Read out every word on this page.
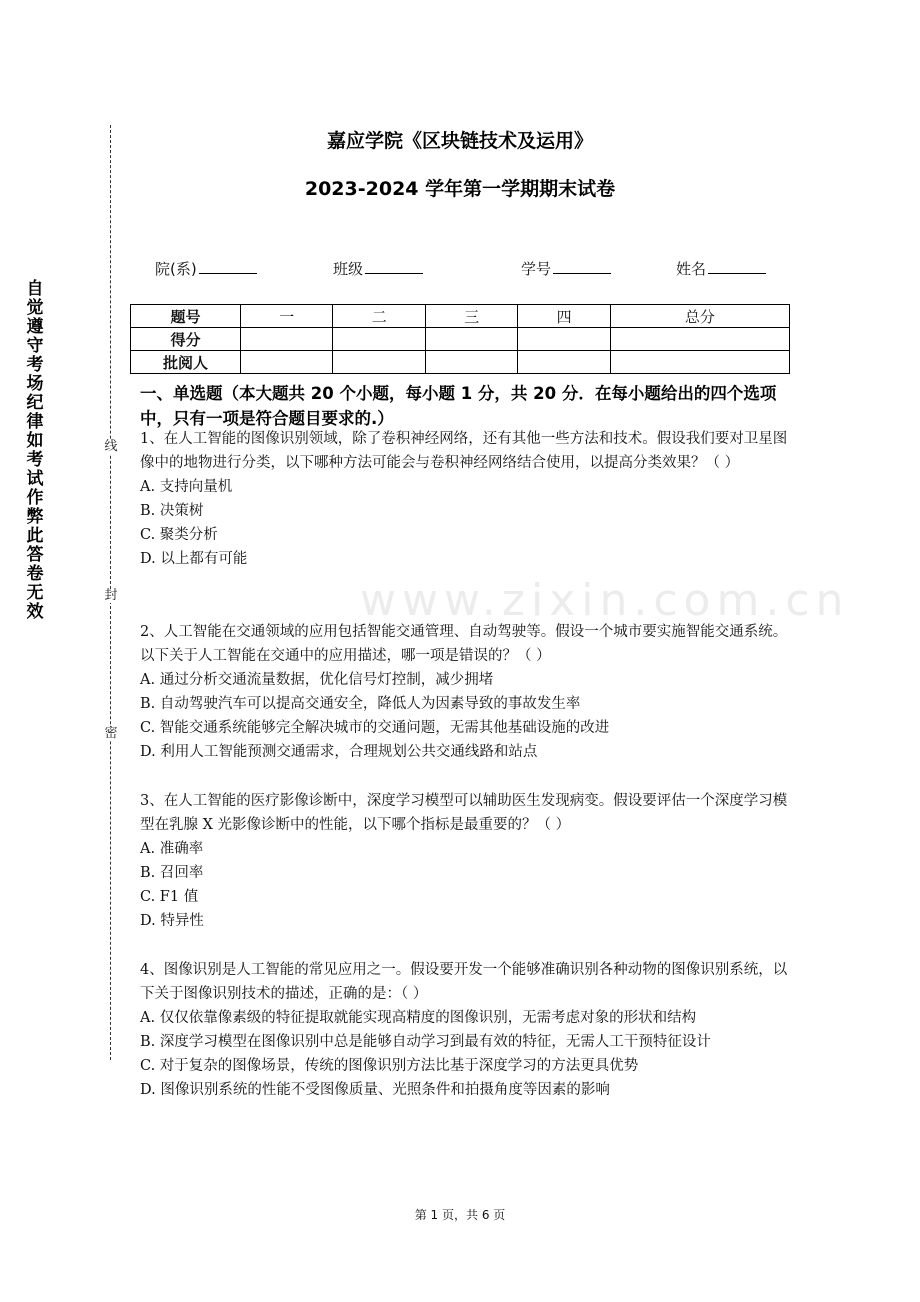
www.zixin.com.cn
自觉遵守考场纪律如考试作弊此答卷无效
线
封
密
嘉应学院《区块链技术及运用》
2023-2024 学年第一学期期末试卷
院(系)	班级	学号	姓名
题号	一	二	三	四	总分
得分					
批阅人					
一、单选题（本大题共 20 个小题，每小题 1 分，共 20 分．在每小题给出的四个选项中，只有一项是符合题目要求的.）

1、在人工智能的图像识别领域，除了卷积神经网络，还有其他一些方法和技术。假设我们要对卫星图像中的地物进行分类，以下哪种方法可能会与卷积神经网络结合使用，以提高分类效果？（ ）

A. 支持向量机

B. 决策树

C. 聚类分析

D. 以上都有可能

2、人工智能在交通领域的应用包括智能交通管理、自动驾驶等。假设一个城市要实施智能交通系统。以下关于人工智能在交通中的应用描述，哪一项是错误的？（ ）

A. 通过分析交通流量数据，优化信号灯控制，减少拥堵

B. 自动驾驶汽车可以提高交通安全，降低人为因素导致的事故发生率

C. 智能交通系统能够完全解决城市的交通问题，无需其他基础设施的改进

D. 利用人工智能预测交通需求，合理规划公共交通线路和站点

3、在人工智能的医疗影像诊断中，深度学习模型可以辅助医生发现病变。假设要评估一个深度学习模型在乳腺 X 光影像诊断中的性能，以下哪个指标是最重要的？（ ）

A. 准确率

B. 召回率

C. F1 值

D. 特异性

4、图像识别是人工智能的常见应用之一。假设要开发一个能够准确识别各种动物的图像识别系统，以下关于图像识别技术的描述，正确的是：（ ）

A. 仅仅依靠像素级的特征提取就能实现高精度的图像识别，无需考虑对象的形状和结构

B. 深度学习模型在图像识别中总是能够自动学习到最有效的特征，无需人工干预特征设计

C. 对于复杂的图像场景，传统的图像识别方法比基于深度学习的方法更具优势

D. 图像识别系统的性能不受图像质量、光照条件和拍摄角度等因素的影响

第 1 页，共 6 页
